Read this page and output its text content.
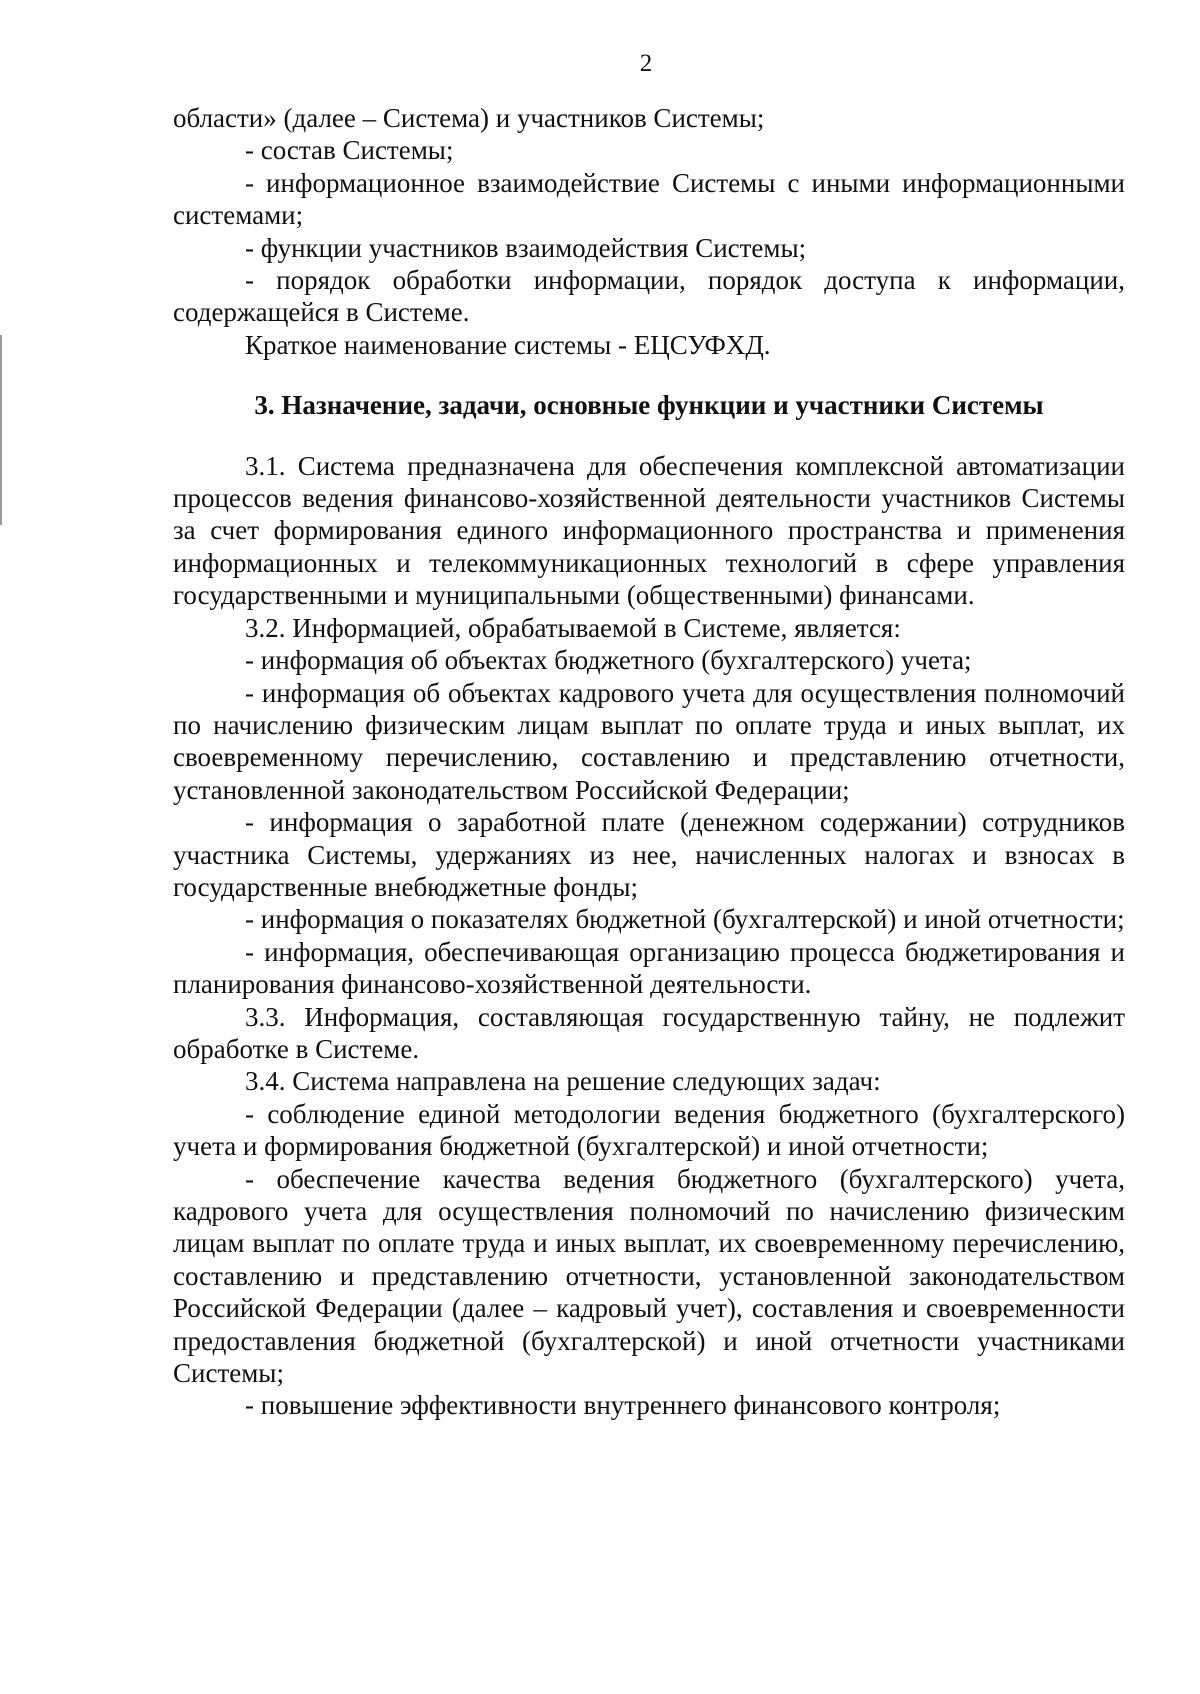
2

области» (далее – Система) и участников Системы;

- состав Системы;

- информационное взаимодействие Системы с иными информационными системами;

- функции участников взаимодействия Системы;

- порядок обработки информации, порядок доступа к информации, содержащейся в Системе.

Краткое наименование системы - ЕЦСУФХД.

3. Назначение, задачи, основные функции и участники Системы

3.1. Система предназначена для обеспечения комплексной автоматизации процессов ведения финансово-хозяйственной деятельности участников Системы за счет формирования единого информационного пространства и применения информационных и телекоммуникационных технологий в сфере управления государственными и муниципальными (общественными) финансами.

3.2. Информацией, обрабатываемой в Системе, является:

- информация об объектах бюджетного (бухгалтерского) учета;

- информация об объектах кадрового учета для осуществления полномочий по начислению физическим лицам выплат по оплате труда и иных выплат, их своевременному перечислению, составлению и представлению отчетности, установленной законодательством Российской Федерации;

- информация о заработной плате (денежном содержании) сотрудников участника Системы, удержаниях из нее, начисленных налогах и взносах в государственные внебюджетные фонды;

- информация о показателях бюджетной (бухгалтерской) и иной отчетности;

- информация, обеспечивающая организацию процесса бюджетирования и планирования финансово-хозяйственной деятельности.

3.3. Информация, составляющая государственную тайну, не подлежит обработке в Системе.

3.4. Система направлена на решение следующих задач:

- соблюдение единой методологии ведения бюджетного (бухгалтерского) учета и формирования бюджетной (бухгалтерской) и иной отчетности;

- обеспечение качества ведения бюджетного (бухгалтерского) учета, кадрового учета для осуществления полномочий по начислению физическим лицам выплат по оплате труда и иных выплат, их своевременному перечислению, составлению и представлению отчетности, установленной законодательством Российской Федерации (далее – кадровый учет), составления и своевременности предоставления бюджетной (бухгалтерской) и иной отчетности участниками Системы;

- повышение эффективности внутреннего финансового контроля;
